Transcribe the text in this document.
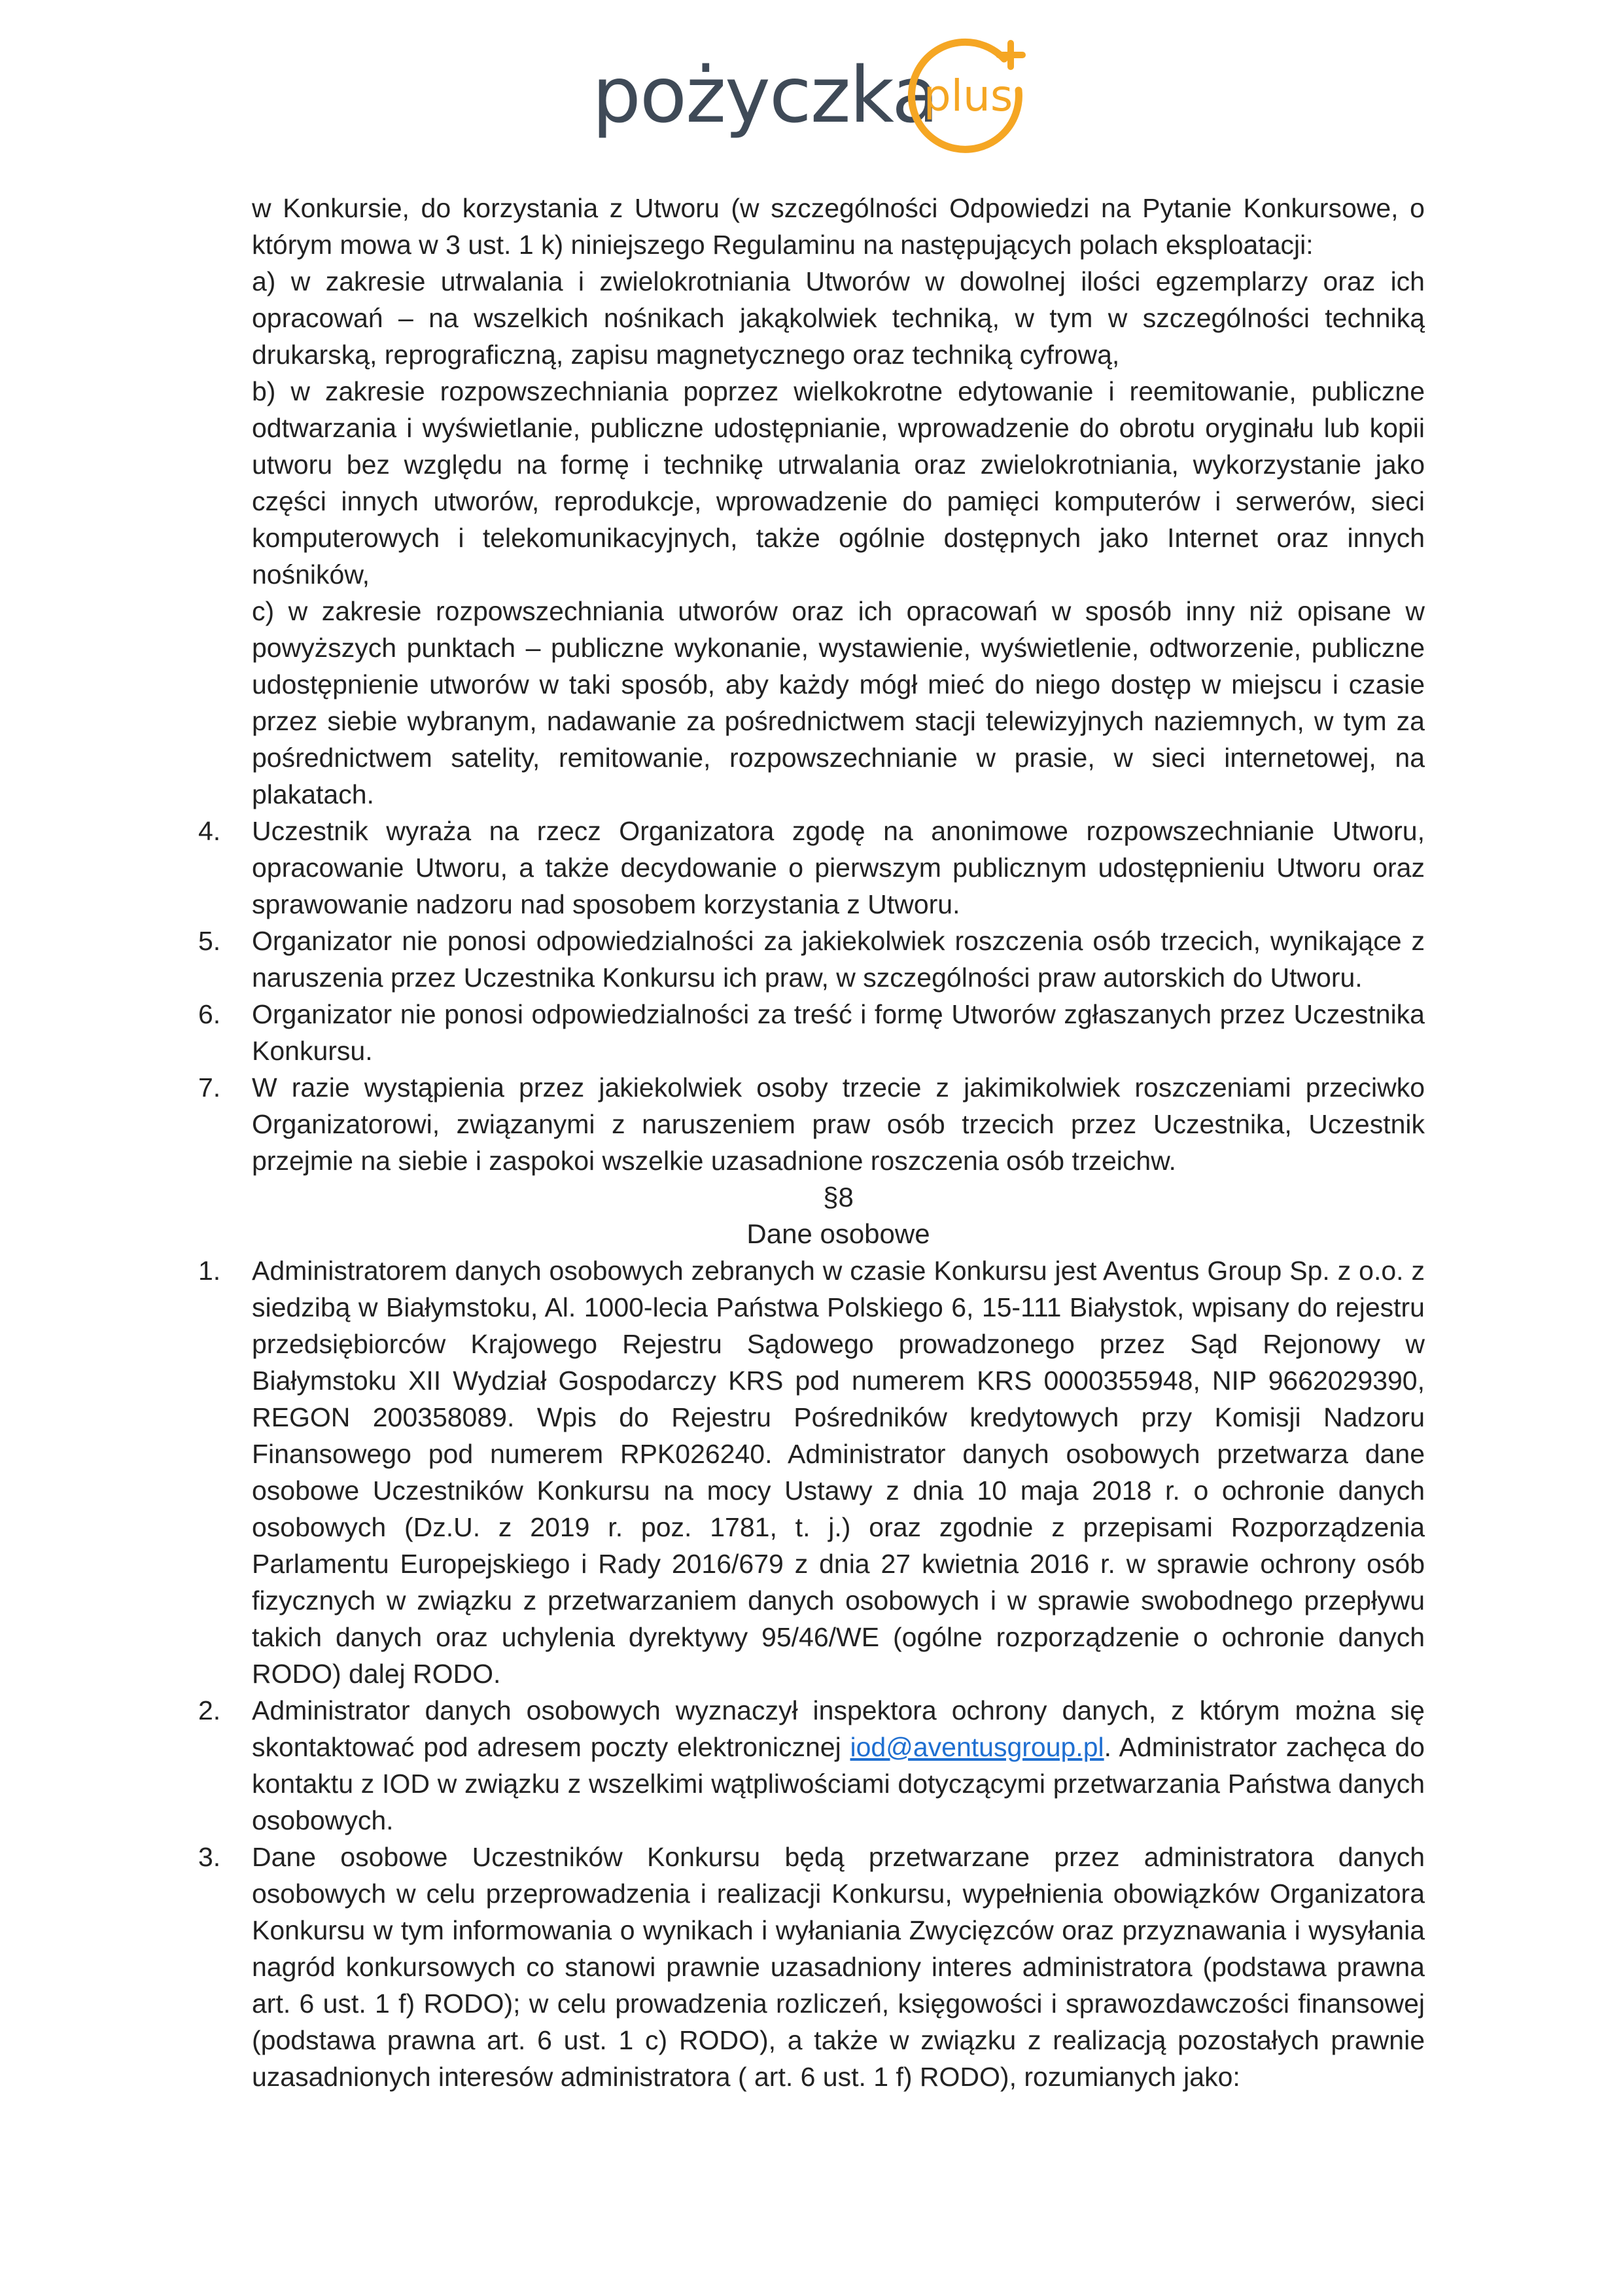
pożyczka
plus

w Konkursie, do korzystania z Utworu (w szczególności Odpowiedzi na Pytanie Konkursowe, o którym mowa w 3 ust. 1 k) niniejszego Regulaminu na następujących polach eksploatacji:

a) w zakresie utrwalania i zwielokrotniania Utworów w dowolnej ilości egzemplarzy oraz ich opracowań – na wszelkich nośnikach jakąkolwiek techniką, w tym w szczególności techniką drukarską, reprograficzną, zapisu magnetycznego oraz techniką cyfrową,

b) w zakresie rozpowszechniania poprzez wielkokrotne edytowanie i reemitowanie, publiczne odtwarzania i wyświetlanie, publiczne udostępnianie, wprowadzenie do obrotu oryginału lub kopii utworu bez względu na formę i technikę utrwalania oraz zwielokrotniania, wykorzystanie jako części innych utworów, reprodukcje, wprowadzenie do pamięci komputerów i serwerów, sieci komputerowych i telekomunikacyjnych, także ogólnie dostępnych jako Internet oraz innych nośników,

c) w zakresie rozpowszechniania utworów oraz ich opracowań w sposób inny niż opisane w powyższych punktach – publiczne wykonanie, wystawienie, wyświetlenie, odtworzenie, publiczne udostępnienie utworów w taki sposób, aby każdy mógł mieć do niego dostęp w miejscu i czasie przez siebie wybranym, nadawanie za pośrednictwem stacji telewizyjnych naziemnych, w tym za pośrednictwem satelity, remitowanie, rozpowszechnianie w prasie, w sieci internetowej, na plakatach.

4.	Uczestnik wyraża na rzecz Organizatora zgodę na anonimowe rozpowszechnianie Utworu, opracowanie Utworu, a także decydowanie o pierwszym publicznym udostępnieniu Utworu oraz sprawowanie nadzoru nad sposobem korzystania z Utworu.
5.	Organizator nie ponosi odpowiedzialności za jakiekolwiek roszczenia osób trzecich, wynikające z naruszenia przez Uczestnika Konkursu ich praw, w szczególności praw autorskich do Utworu.
6.	Organizator nie ponosi odpowiedzialności za treść i formę Utworów zgłaszanych przez Uczestnika Konkursu.
7.	W razie wystąpienia przez jakiekolwiek osoby trzecie z jakimikolwiek roszczeniami przeciwko Organizatorowi, związanymi z naruszeniem praw osób trzecich przez Uczestnika, Uczestnik przejmie na siebie i zaspokoi wszelkie uzasadnione roszczenia osób trzeichw.
§8
Dane osobowe
1.	Administratorem danych osobowych zebranych w czasie Konkursu jest Aventus Group Sp. z o.o. z siedzibą w Białymstoku, Al. 1000-lecia Państwa Polskiego 6, 15-111 Białystok, wpisany do rejestru przedsiębiorców Krajowego Rejestru Sądowego prowadzonego przez Sąd Rejonowy w Białymstoku XII Wydział Gospodarczy KRS pod numerem KRS 0000355948, NIP 9662029390, REGON 200358089. Wpis do Rejestru Pośredników kredytowych przy Komisji Nadzoru Finansowego pod numerem RPK026240. Administrator danych osobowych przetwarza dane osobowe Uczestników Konkursu na mocy Ustawy z dnia 10 maja 2018 r. o ochronie danych osobowych (Dz.U. z 2019 r. poz. 1781, t. j.) oraz zgodnie z przepisami Rozporządzenia Parlamentu Europejskiego i Rady 2016/679 z dnia 27 kwietnia 2016 r. w sprawie ochrony osób fizycznych w związku z przetwarzaniem danych osobowych i w sprawie swobodnego przepływu takich danych oraz uchylenia dyrektywy 95/46/WE (ogólne rozporządzenie o ochronie danych RODO) dalej RODO.
2.	Administrator danych osobowych wyznaczył inspektora ochrony danych, z którym można się skontaktować pod adresem poczty elektronicznej iod@aventusgroup.pl. Administrator zachęca do kontaktu z IOD w związku z wszelkimi wątpliwościami dotyczącymi przetwarzania Państwa danych osobowych.
3.	Dane osobowe Uczestników Konkursu będą przetwarzane przez administratora danych osobowych w celu przeprowadzenia i realizacji Konkursu, wypełnienia obowiązków Organizatora Konkursu w tym informowania o wynikach i wyłaniania Zwycięzców oraz przyznawania i wysyłania nagród konkursowych co stanowi prawnie uzasadniony interes administratora (podstawa prawna art. 6 ust. 1 f) RODO); w celu prowadzenia rozliczeń, księgowości i sprawozdawczości finansowej (podstawa prawna art. 6 ust. 1 c) RODO), a także w związku z realizacją pozostałych prawnie uzasadnionych interesów administratora ( art. 6 ust. 1 f) RODO), rozumianych jako:
